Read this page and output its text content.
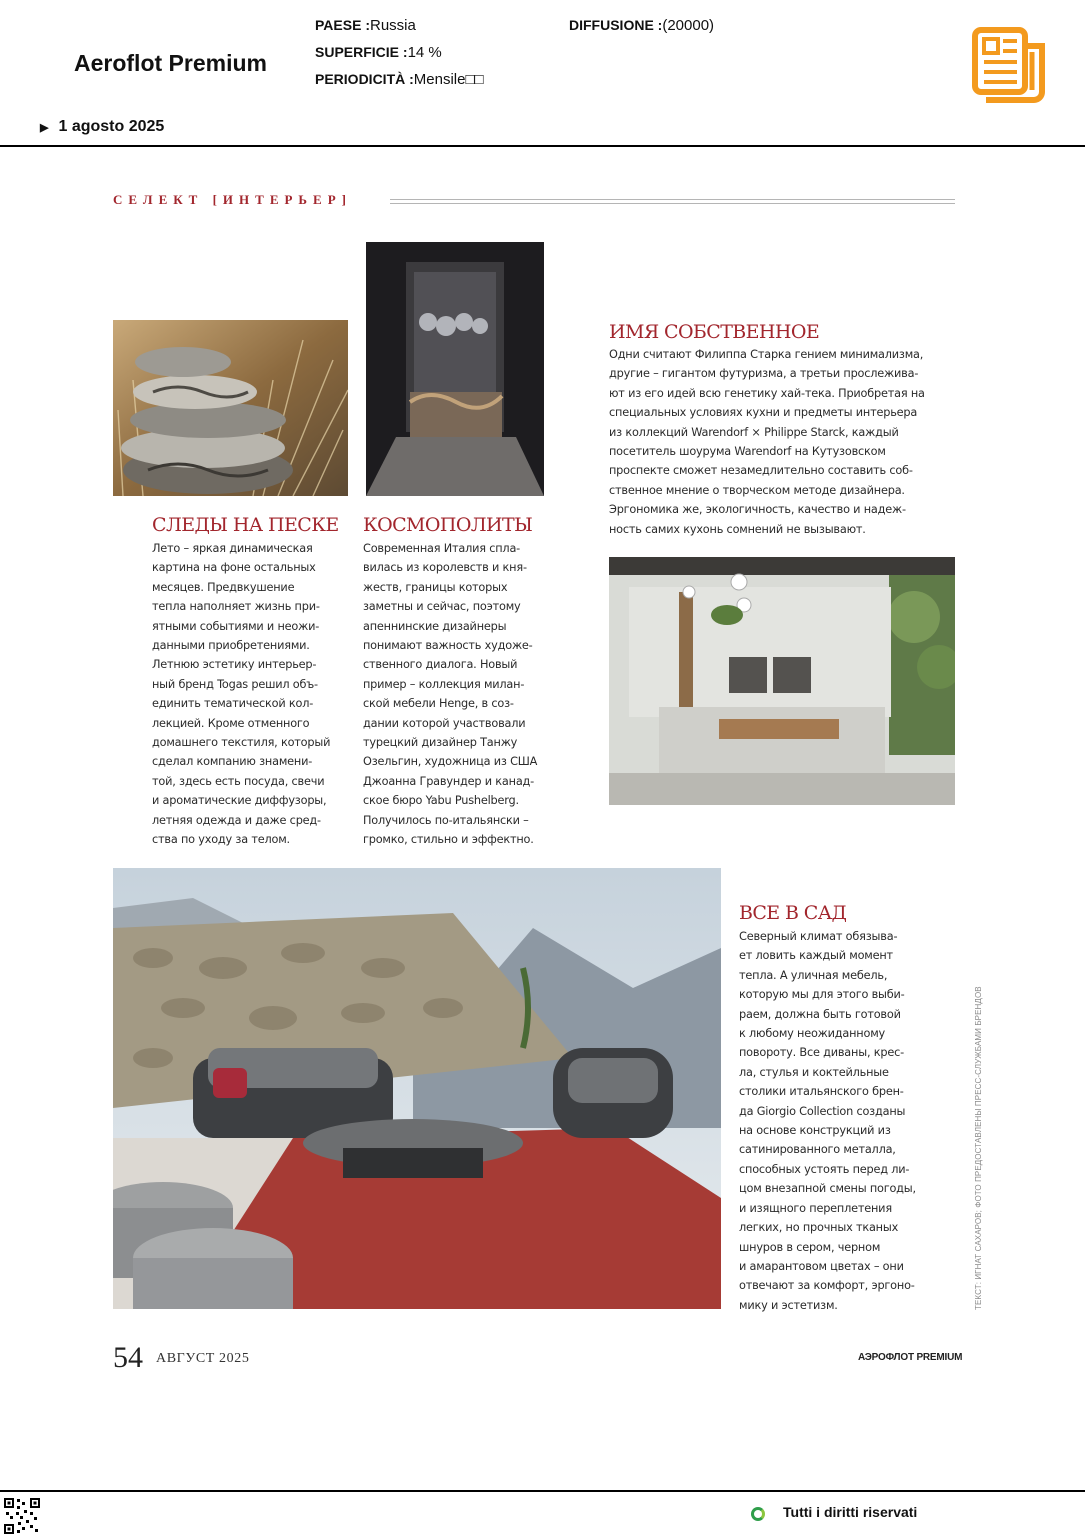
Aeroflot Premium
PAESE :Russia
SUPERFICIE :14 %
PERIODICITÀ :Mensile□□
DIFFUSIONE :(20000)
▶ 1 agosto 2025
СЕЛЕКТ [ИНТЕРЬЕР]
СЛЕДЫ НА ПЕСКЕ
Лето – яркая динамическая
картина на фоне остальных
месяцев. Предвкушение
тепла наполняет жизнь при-
ятными событиями и неожи-
данными приобретениями.
Летнюю эстетику интерьер-
ный бренд Togas решил объ-
единить тематической кол-
лекцией. Кроме отменного
домашнего текстиля, который
сделал компанию знамени-
той, здесь есть посуда, свечи
и ароматические диффузоры,
летняя одежда и даже сред-
ства по уходу за телом.
КОСМОПОЛИТЫ
Современная Италия спла-
вилась из королевств и кня-
жеств, границы которых
заметны и сейчас, поэтому
апеннинские дизайнеры
понимают важность художе-
ственного диалога. Новый
пример – коллекция милан-
ской мебели Henge, в соз-
дании которой участвовали
турецкий дизайнер Танжу
Озельгин, художница из США
Джоанна Гравундер и канад-
ское бюро Yabu Pushelberg.
Получилось по-итальянски –
громко, стильно и эффектно.
ИМЯ СОБСТВЕННОЕ
Одни считают Филиппа Старка гением минимализма,
другие – гигантом футуризма, а третьи прослежива-
ют из его идей всю генетику хай-тека. Приобретая на
специальных условиях кухни и предметы интерьера
из коллекций Warendorf × Philippe Starck, каждый
посетитель шоурума Warendorf на Кутузовском
проспекте сможет незамедлительно составить соб-
ственное мнение о творческом методе дизайнера.
Эргономика же, экологичность, качество и надеж-
ность самих кухонь сомнений не вызывают.
ВСЕ В САД
Северный климат обязыва-
ет ловить каждый момент
тепла. А уличная мебель,
которую мы для этого выби-
раем, должна быть готовой
к любому неожиданному
повороту. Все диваны, крес-
ла, стулья и коктейльные
столики итальянского брен-
да Giorgio Collection созданы
на основе конструкций из
сатинированного металла,
способных устоять перед ли-
цом внезапной смены погоды,
и изящного переплетения
легких, но прочных тканых
шнуров в сером, черном
и амарантовом цветах – они
отвечают за комфорт, эргоно-
мику и эстетизм.	ТЕКСТ: ИГНАТ САХАРОВ; ФОТО ПРЕДОСТАВЛЕНЫ ПРЕСС-СЛУЖБАМИ БРЕНДОВ
54 АВГУСТ 2025	АЭРОФЛОТ PREMIUM
Tutti i diritti riservati
